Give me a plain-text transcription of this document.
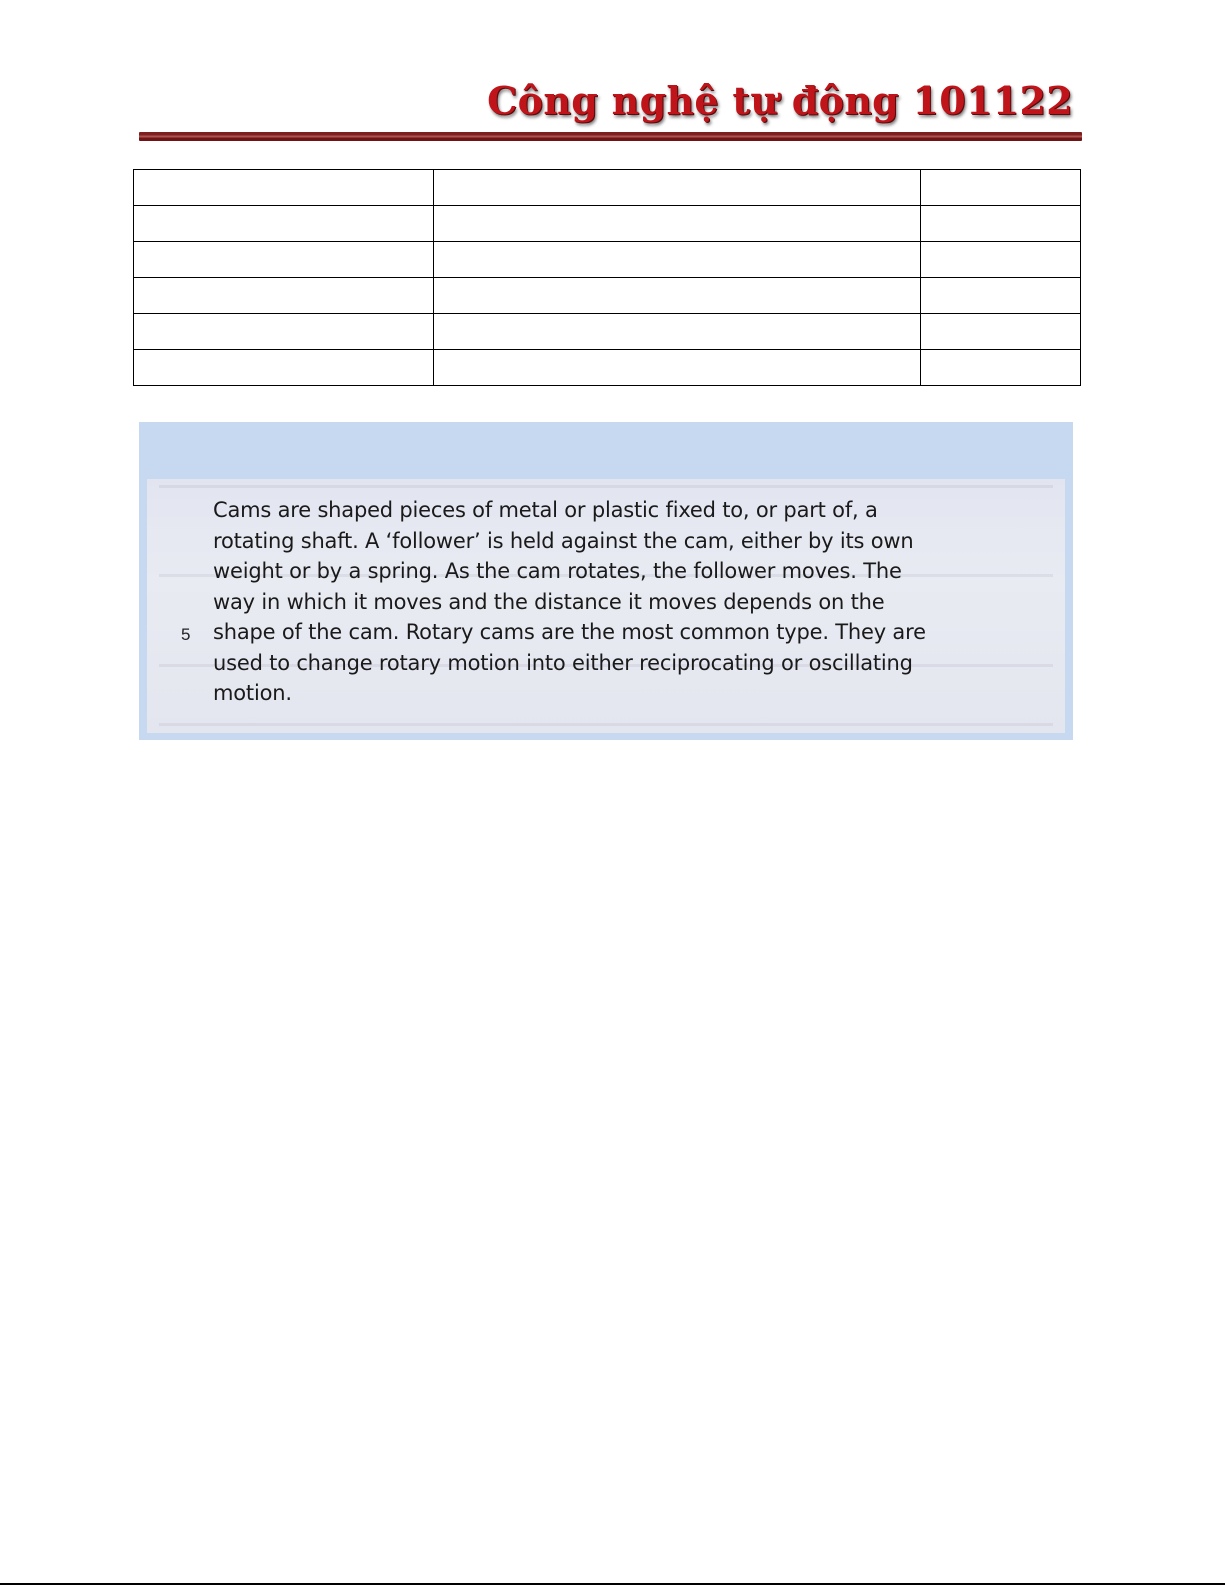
Công nghệ tự động 101122

5
Cams are shaped pieces of metal or plastic fixed to, or part of, a
rotating shaft. A ‘follower’ is held against the cam, either by its own
weight or by a spring. As the cam rotates, the follower moves. The
way in which it moves and the distance it moves depends on the
shape of the cam. Rotary cams are the most common type. They are
used to change rotary motion into either reciprocating or oscillating
motion.
